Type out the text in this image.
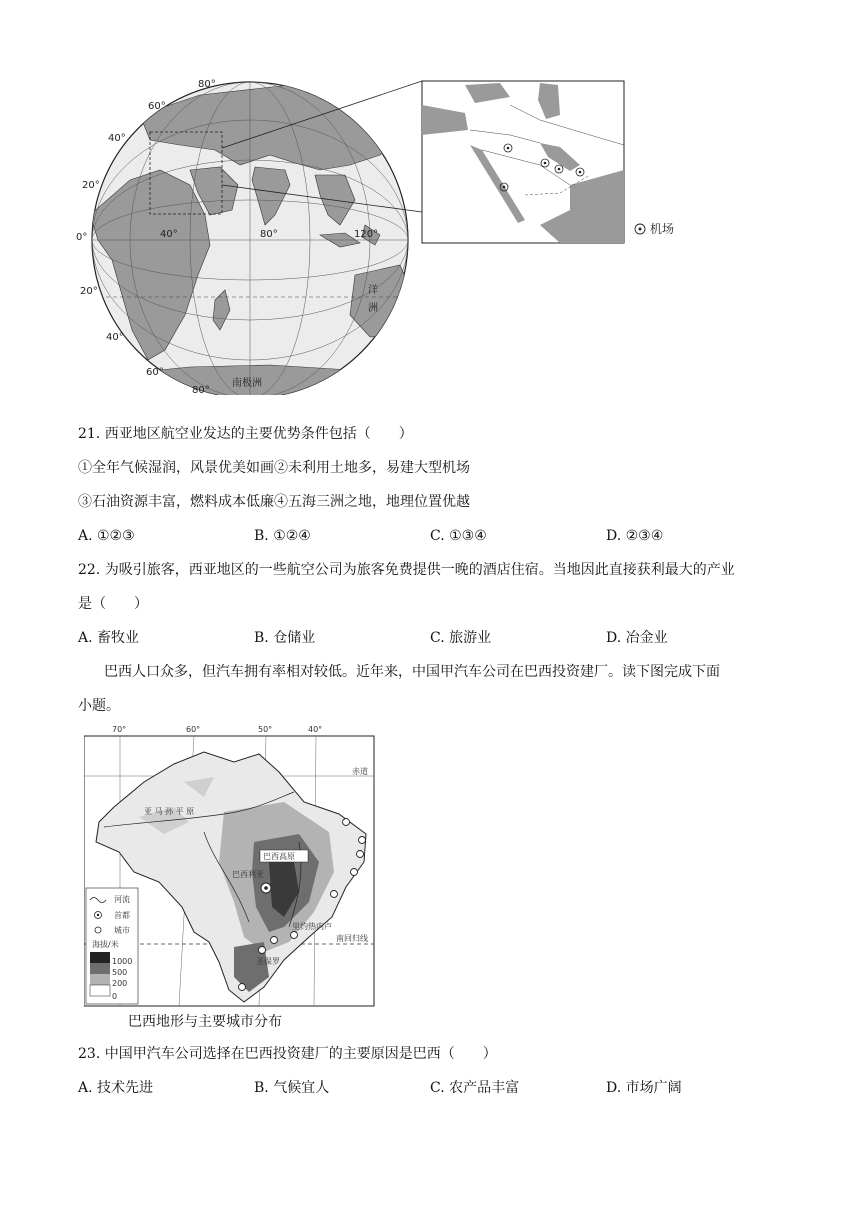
80°
60°
40°
20°
0°
20°
40°
60°
80°
40°	80°	120°
洋
洲
南极洲
机场
21. 西亚地区航空业发达的主要优势条件包括（　　）
①全年气候湿润，风景优美如画②未利用土地多，易建大型机场
③石油资源丰富，燃料成本低廉④五海三洲之地，地理位置优越
A. ①②③	B. ①②④	C. ①③④	D. ②③④
22. 为吸引旅客，西亚地区的一些航空公司为旅客免费提供一晚的酒店住宿。当地因此直接获利最大的产业
是（　　）
A. 畜牧业	B. 仓储业	C. 旅游业	D. 冶金业
巴西人口众多，但汽车拥有率相对较低。近年来，中国甲汽车公司在巴西投资建厂。读下图完成下面
小题。
70°	60°	50°	40°
赤道
南回归线
亚 马 孙 平 原
巴西高原
巴西利亚
里约热内卢
圣保罗
河流
首都
城市
海拔/米
1000
500
200
0
巴西地形与主要城市分布
23. 中国甲汽车公司选择在巴西投资建厂的主要原因是巴西（　　）
A. 技术先进	B. 气候宜人	C. 农产品丰富	D. 市场广阔
